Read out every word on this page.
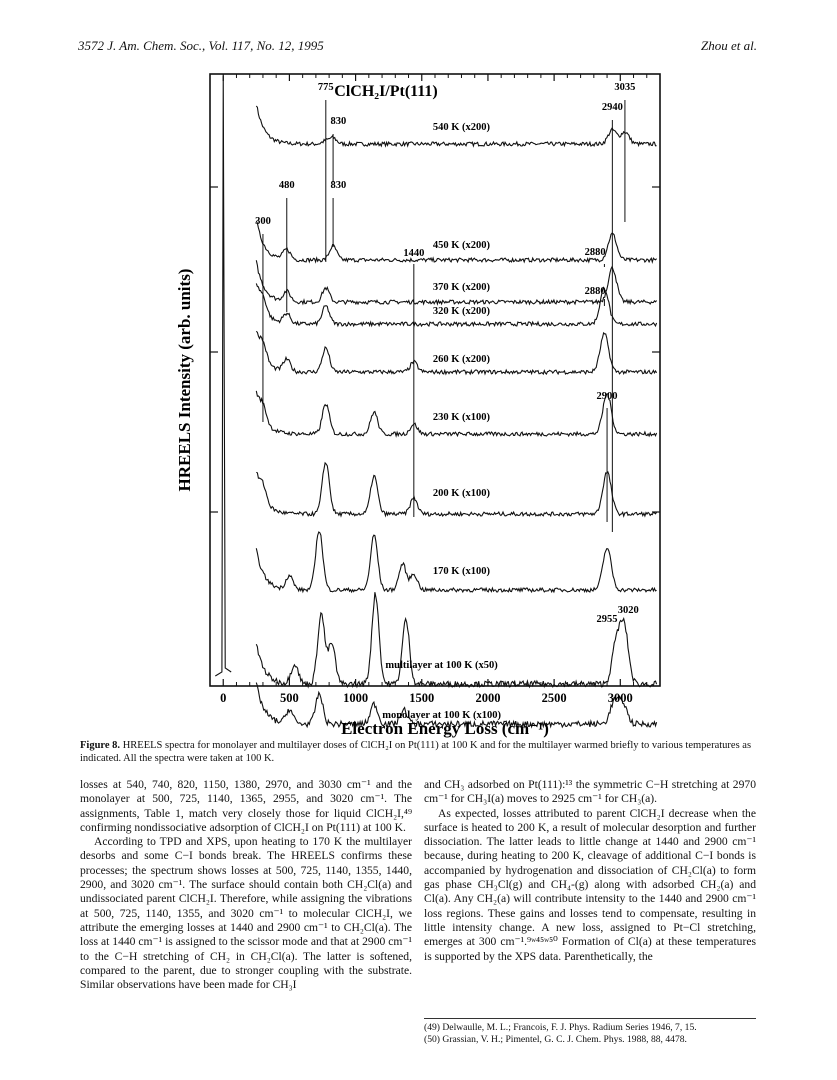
3572 J. Am. Chem. Soc., Vol. 117, No. 12, 1995	Zhou et al.
0	500	1000	1500	2000	2500	3000
Electron Energy Loss (cm⁻¹)
HREELS Intensity (arb. units)
ClCH₂I/Pt(111)
540 K (x200)
450 K (x200)
370 K (x200)
320 K (x200)
260 K (x200)
230 K (x100)
200 K (x100)
170 K (x100)
multilayer at 100 K (x50)
monolayer at 100 K (x100)
775
830
3035
2940
480	830
300
1440	2880
2880
2900
2955
3020
Figure 8. HREELS spectra for monolayer and multilayer doses of ClCH₂I on Pt(111) at 100 K and for the multilayer warmed briefly to various temperatures as indicated. All the spectra were taken at 100 K.

losses at 540, 740, 820, 1150, 1380, 2970, and 3030 cm⁻¹ and the monolayer at 500, 725, 1140, 1365, 2955, and 3020 cm⁻¹. The assignments, Table 1, match very closely those for liquid ClCH₂I,⁴⁹ confirming nondissociative adsorption of ClCH₂I on Pt(111) at 100 K.

According to TPD and XPS, upon heating to 170 K the multilayer desorbs and some C−I bonds break. The HREELS confirms these processes; the spectrum shows losses at 500, 725, 1140, 1355, 1440, 2900, and 3020 cm⁻¹. The surface should contain both CH₂Cl(a) and undissociated parent ClCH₂I. Therefore, while assigning the vibrations at 500, 725, 1140, 1355, and 3020 cm⁻¹ to molecular ClCH₂I, we attribute the emerging losses at 1440 and 2900 cm⁻¹ to CH₂Cl(a). The loss at 1440 cm⁻¹ is assigned to the scissor mode and that at 2900 cm⁻¹ to the C−H stretching of CH₂ in CH₂Cl(a). The latter is softened, compared to the parent, due to stronger coupling with the substrate. Similar observations have been made for CH₃I

and CH₃ adsorbed on Pt(111):¹³ the symmetric C−H stretching at 2970 cm⁻¹ for CH₃I(a) moves to 2925 cm⁻¹ for CH₃(a).

As expected, losses attributed to parent ClCH₂I decrease when the surface is heated to 200 K, a result of molecular desorption and further dissociation. The latter leads to little change at 1440 and 2900 cm⁻¹ because, during heating to 200 K, cleavage of additional C−I bonds is accompanied by hydrogenation and dissociation of CH₂Cl(a) to form gas phase CH₃Cl(g) and CH₄-(g) along with adsorbed CH₂(a) and Cl(a). Any CH₂(a) will contribute intensity to the 1440 and 2900 cm⁻¹ loss regions. These gains and losses tend to compensate, resulting in little intensity change. A new loss, assigned to Pt−Cl stretching, emerges at 300 cm⁻¹.⁹ʷ⁴⁵ʷ⁵⁰ Formation of Cl(a) at these temperatures is supported by the XPS data. Parenthetically, the

(49) Delwaulle, M. L.; Francois, F. J. Phys. Radium Series 1946, 7, 15.
(50) Grassian, V. H.; Pimentel, G. C. J. Chem. Phys. 1988, 88, 4478.
